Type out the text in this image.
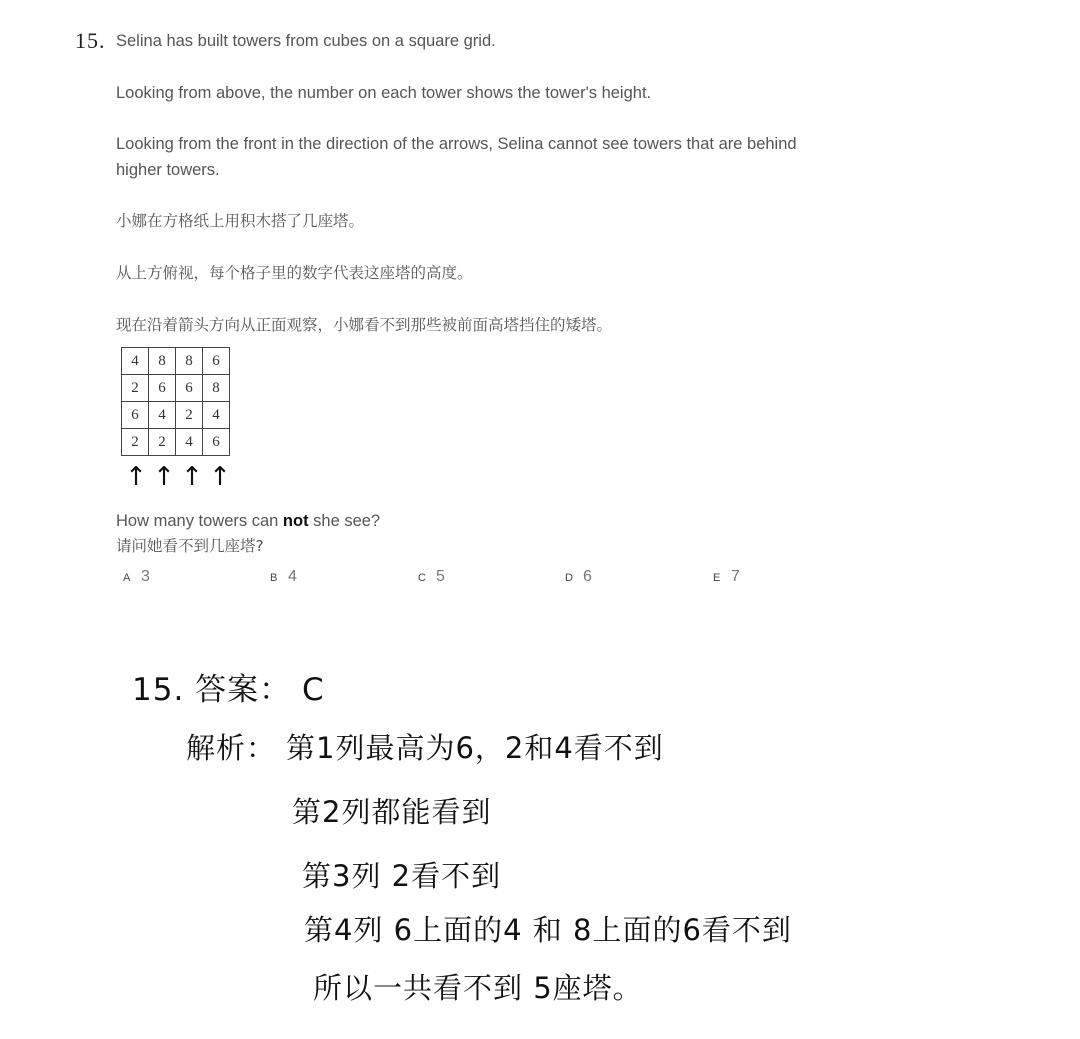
15. Selina has built towers from cubes on a square grid.
Looking from above, the number on each tower shows the tower's height.
Looking from the front in the direction of the arrows, Selina cannot see towers that are behind
higher towers.
小娜在方格纸上用积木搭了几座塔。
从上方俯视，每个格子里的数字代表这座塔的高度。
现在沿着箭头方向从正面观察，小娜看不到那些被前面高塔挡住的矮塔。
4	8	8	6
2	6	6	8
6	4	2	4
2	2	4	6
↑ ↑ ↑ ↑
How many towers can not she see?
请问她看不到几座塔?
A 3	B 4	C 5	D 6	E 7
15. 答案： C
解析： 第1列最高为6，2和4看不到
第2列都能看到
第3列 2看不到
第4列 6上面的4 和 8上面的6看不到
所以一共看不到 5座塔。
